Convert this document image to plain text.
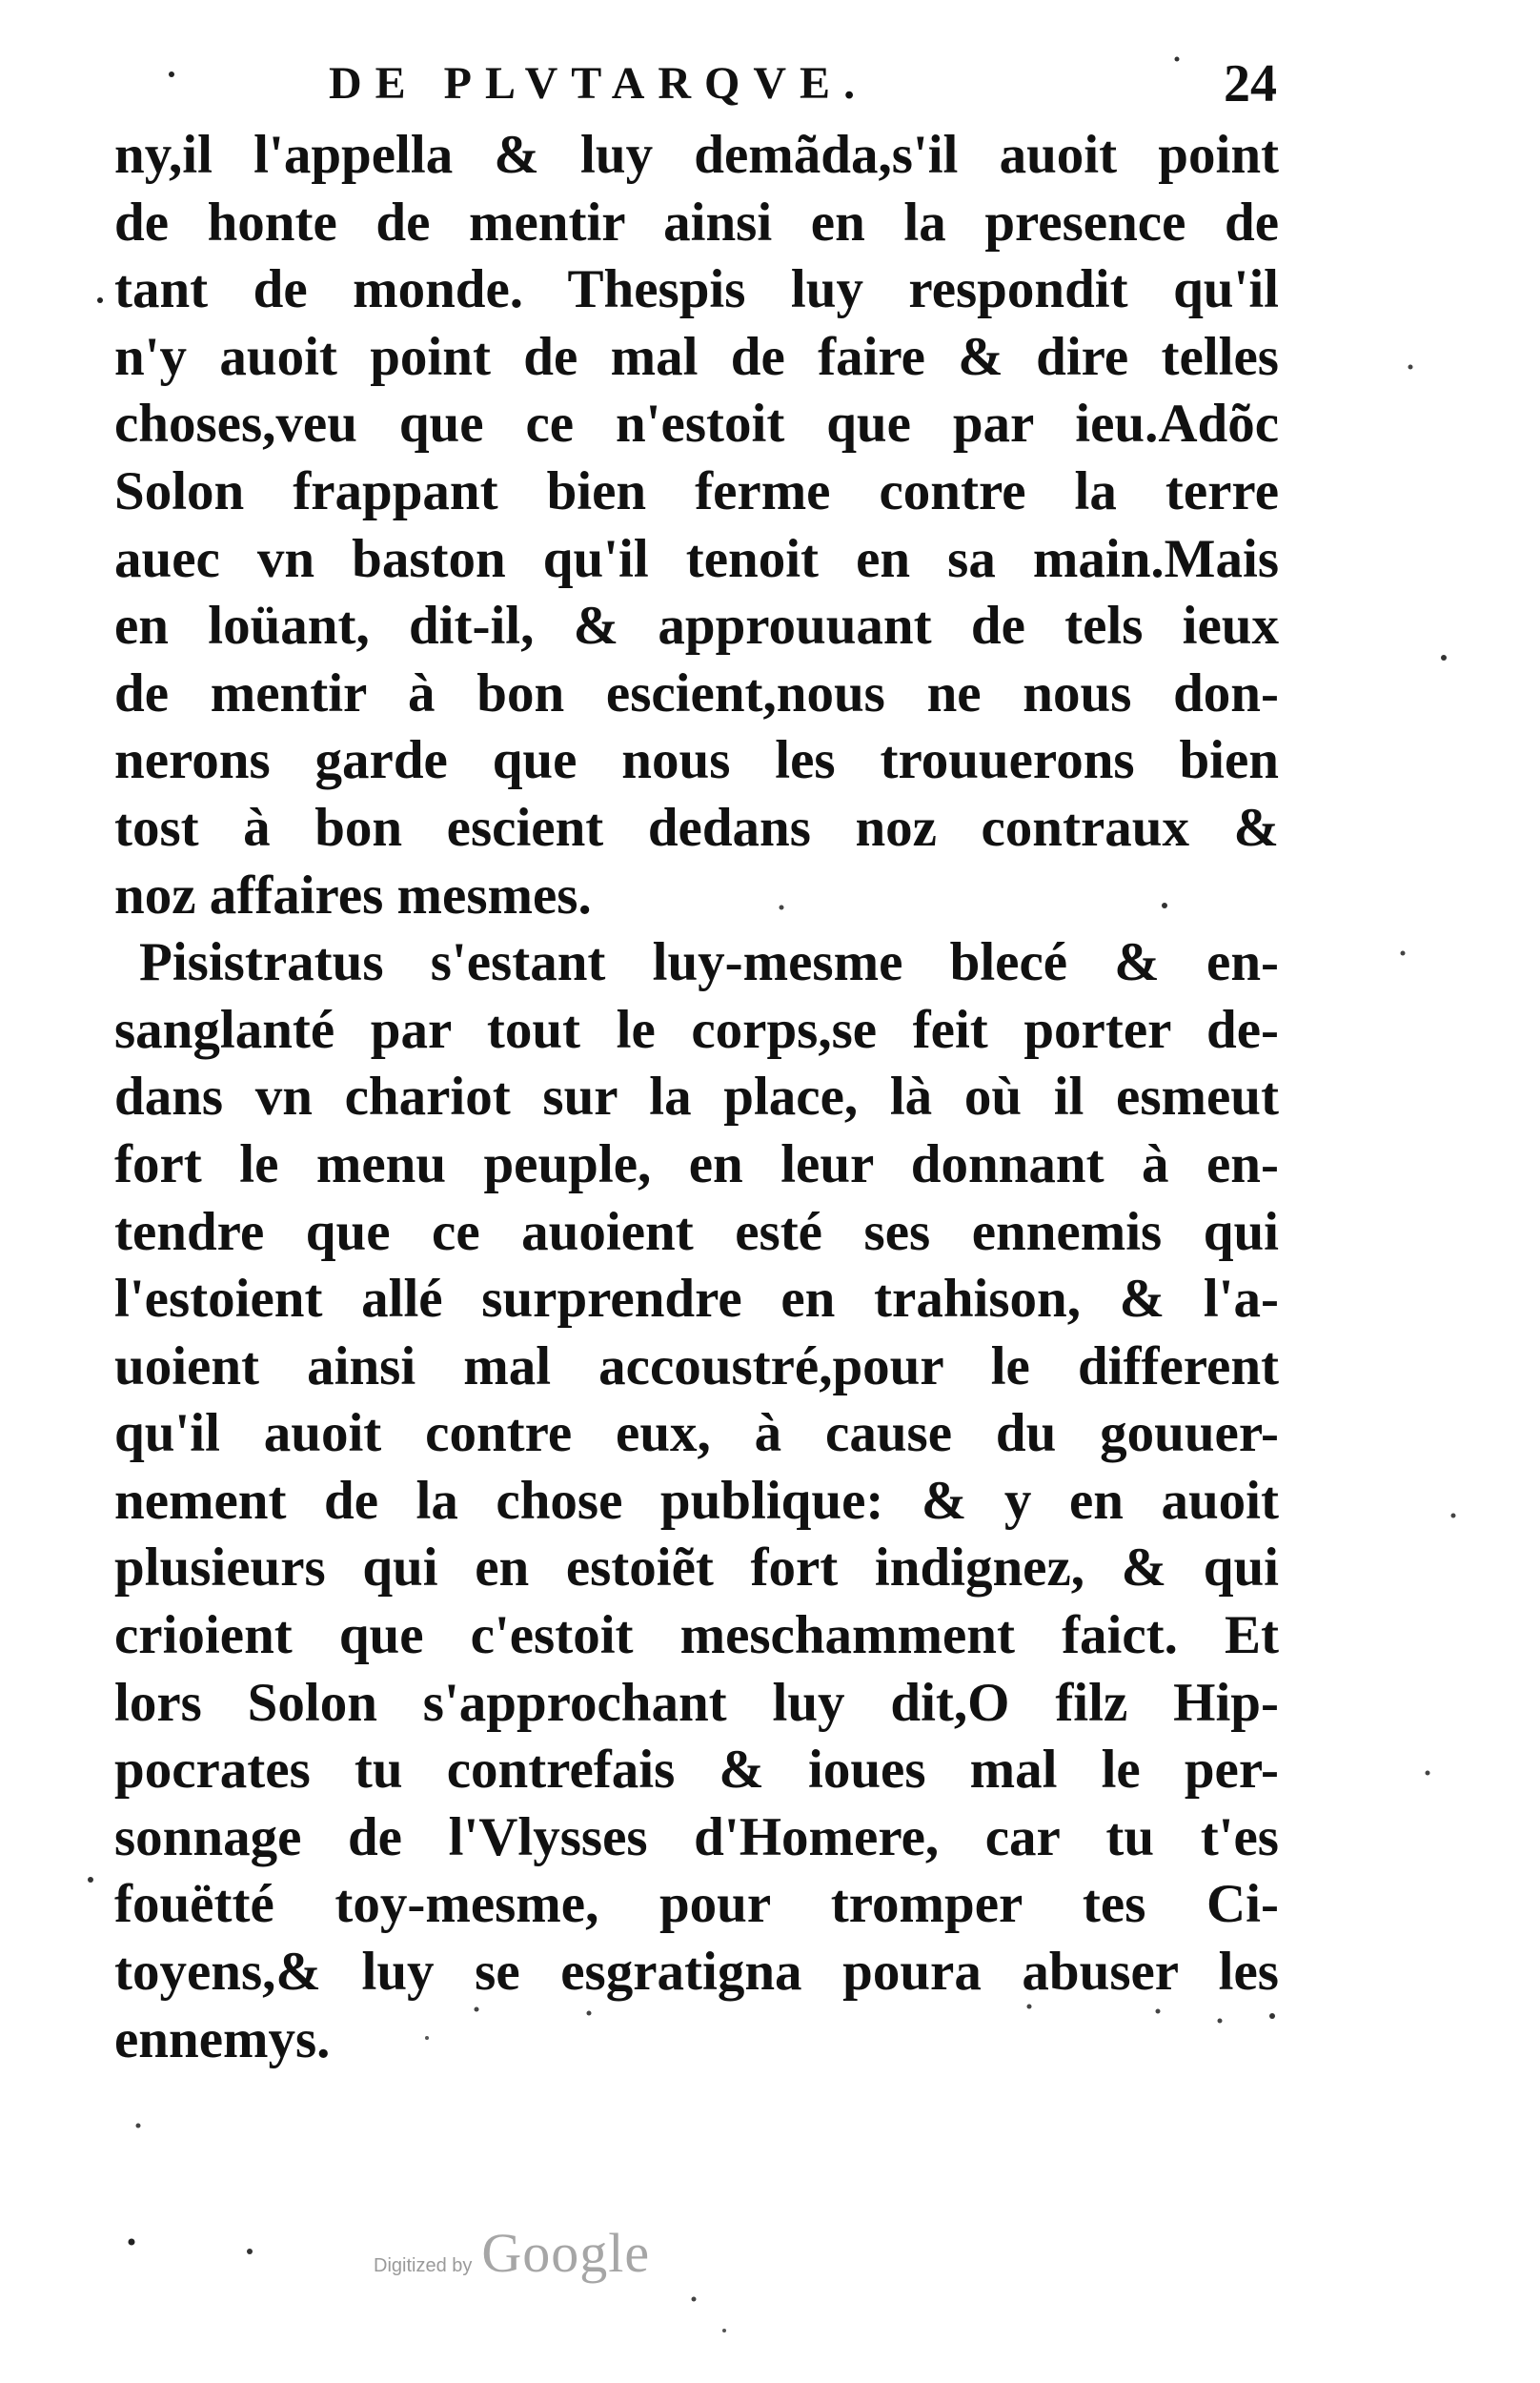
DE PLVTARQVE.	24
ny,il l'appella & luy demãda,s'il auoit point
de honte de mentir ainsi en la presence de
tant de monde. Thespis luy respondit qu'il
n'y auoit point de mal de faire & dire telles
choses,veu que ce n'estoit que par ieu.Adõc
Solon frappant bien ferme contre la terre
auec vn baston qu'il tenoit en sa main.Mais
en loüant, dit-il, & approuuant de tels ieux
de mentir à bon escient,nous ne nous don-
nerons garde que nous les trouuerons bien
tost à bon escient dedans noz contraux &
noz affaires mesmes.
Pisistratus s'estant luy-mesme blecé & en-
sanglanté par tout le corps,se feit porter de-
dans vn chariot sur la place, là où il esmeut
fort le menu peuple, en leur donnant à en-
tendre que ce auoient esté ses ennemis qui
l'estoient allé surprendre en trahison, & l'a-
uoient ainsi mal accoustré,pour le different
qu'il auoit contre eux, à cause du gouuer-
nement de la chose publique: & y en auoit
plusieurs qui en estoiẽt fort indignez, & qui
crioient que c'estoit meschamment faict. Et
lors Solon s'approchant luy dit,O filz Hip-
pocrates tu contrefais & ioues mal le per-
sonnage de l'Vlysses d'Homere, car tu t'es
fouëtté toy-mesme, pour tromper tes Ci-
toyens,& luy se esgratigna poura abuser les
ennemys.
Digitized by Google
